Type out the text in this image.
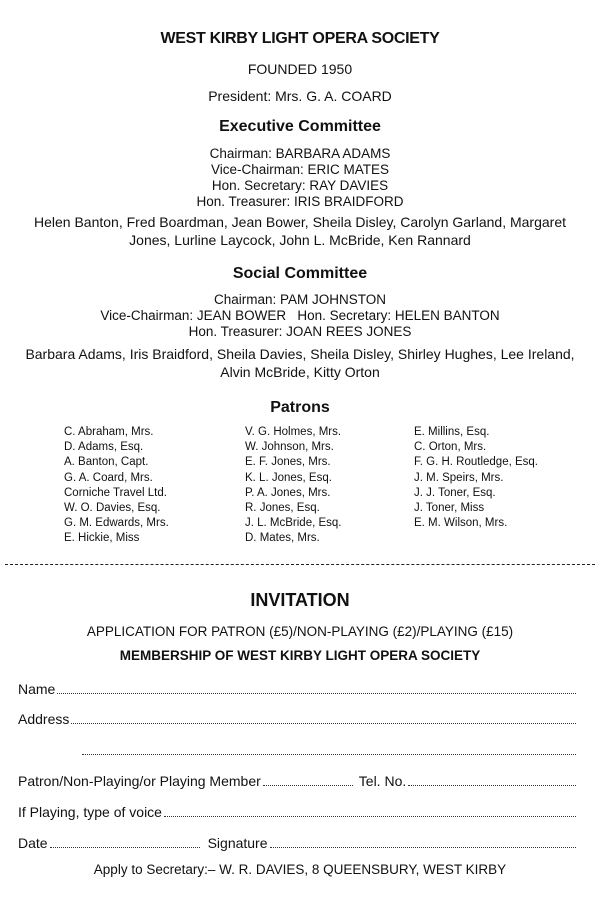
WEST KIRBY LIGHT OPERA SOCIETY
FOUNDED 1950
President: Mrs. G. A. COARD
Executive Committee
Chairman: BARBARA ADAMS
Vice-Chairman: ERIC MATES
Hon. Secretary: RAY DAVIES
Hon. Treasurer: IRIS BRAIDFORD
Helen Banton, Fred Boardman, Jean Bower, Sheila Disley, Carolyn Garland, Margaret Jones, Lurline Laycock, John L. McBride, Ken Rannard
Social Committee
Chairman: PAM JOHNSTON
Vice-Chairman: JEAN BOWER   Hon. Secretary: HELEN BANTON
Hon. Treasurer: JOAN REES JONES
Barbara Adams, Iris Braidford, Sheila Davies, Sheila Disley, Shirley Hughes, Lee Ireland, Alvin McBride, Kitty Orton
Patrons
C. Abraham, Mrs.
D. Adams, Esq.
A. Banton, Capt.
G. A. Coard, Mrs.
Corniche Travel Ltd.
W. O. Davies, Esq.
G. M. Edwards, Mrs.
E. Hickie, Miss
V. G. Holmes, Mrs.
W. Johnson, Mrs.
E. F. Jones, Mrs.
K. L. Jones, Esq.
P. A. Jones, Mrs.
R. Jones, Esq.
J. L. McBride, Esq.
D. Mates, Mrs.
E. Millins, Esq.
C. Orton, Mrs.
F. G. H. Routledge, Esq.
J. M. Speirs, Mrs.
J. J. Toner, Esq.
J. Toner, Miss
E. M. Wilson, Mrs.
INVITATION
APPLICATION FOR PATRON (£5)/NON-PLAYING (£2)/PLAYING (£15)
MEMBERSHIP OF WEST KIRBY LIGHT OPERA SOCIETY
Name
Address
Patron/Non-Playing/or Playing Member	Tel. No.
If Playing, type of voice
Date	Signature
Apply to Secretary:– W. R. DAVIES, 8 QUEENSBURY, WEST KIRBY
